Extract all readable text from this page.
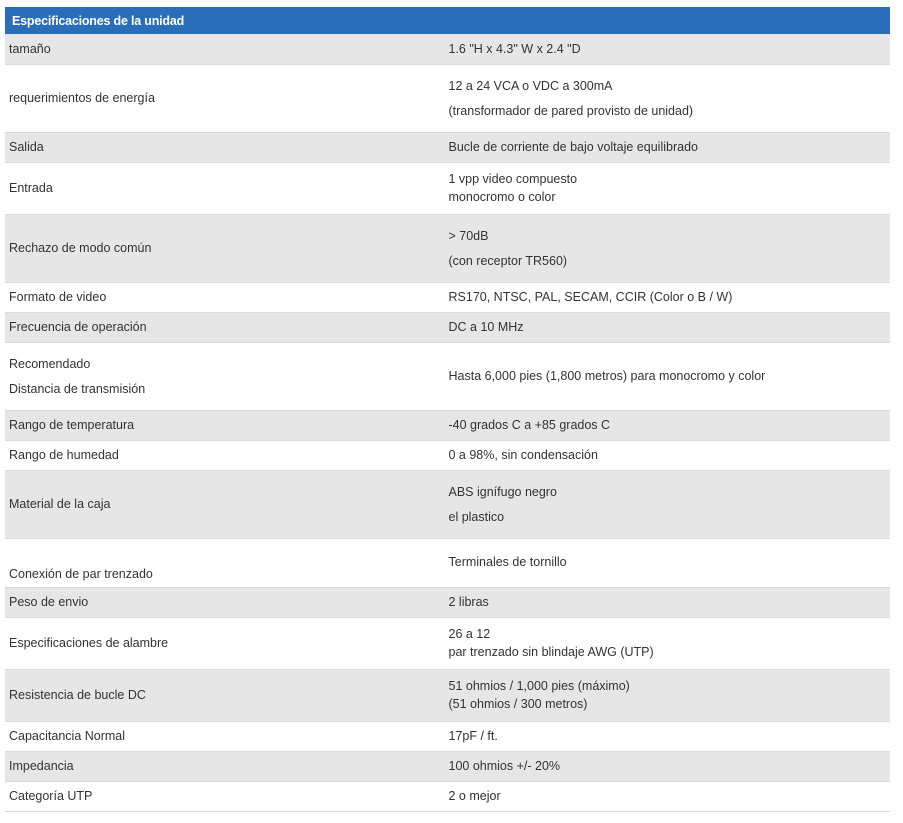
Especificaciones de la unidad	

tamaño	1.6 "H x 4.3" W x 2.4 "D

requerimientos de energía	12 a 24 VCA o VDC a 300mA
(transformador de pared provisto de unidad)

Salida	Bucle de corriente de bajo voltaje equilibrado

Entrada	1 vpp video compuesto
monocromo o color

Rechazo de modo común	> 70dB
(con receptor TR560)

Formato de video	RS170, NTSC, PAL, SECAM, CCIR (Color o B / W)

Frecuencia de operación	DC a 10 MHz

Recomendado
Distancia de transmisión	Hasta 6,000 pies (1,800 metros) para monocromo y color

Rango de temperatura	-40 grados C a +85 grados C

Rango de humedad	0 a 98%, sin condensación

Material de la caja	ABS ignífugo negro
el plastico

Conexión de par trenzado	Terminales de tornillo

Peso de envio	2 libras

Especificaciones de alambre	26 a 12
par trenzado sin blindaje AWG (UTP)

Resistencia de bucle DC	51 ohmios / 1,000 pies (máximo)
(51 ohmios / 300 metros)

Capacitancia Normal	17pF / ft.

Impedancia	100 ohmios +/- 20%

Categoría UTP	2 o mejor
